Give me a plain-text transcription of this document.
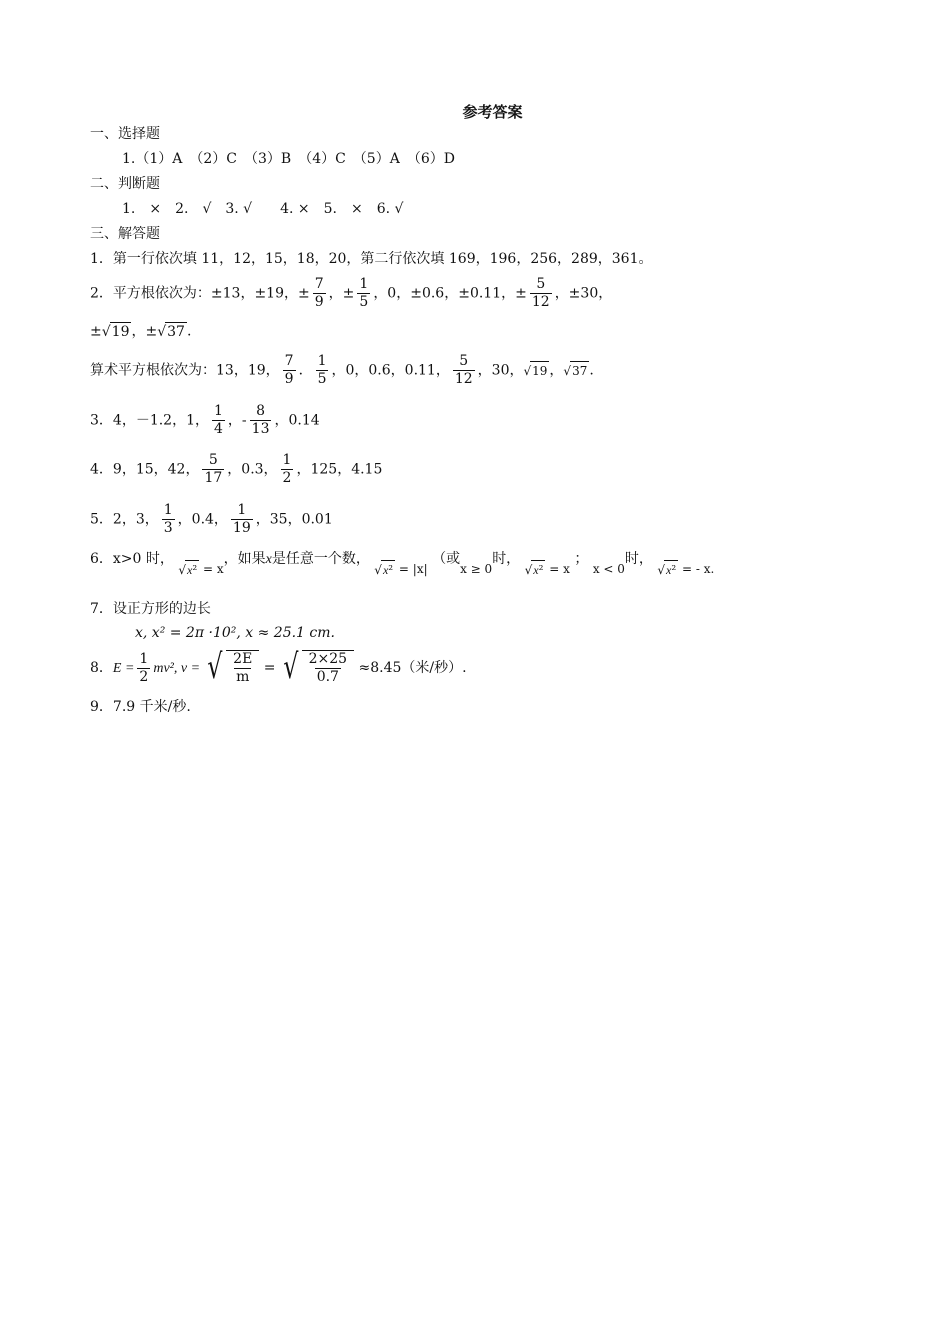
参考答案
一、选择题
1.（1）A　（2）C　（3）B　（4）C　（5）A　（6）D
二、判断题
1.　×　2.　√　3. √　　4. ×　5.　×　6. √
三、解答题
1．第一行依次填 11，12，15，18，20，第二行依次填 169，196，256，289，361。
2．平方根依次为：±13，±19，± $\frac{7}{9}$ ，± $\frac{1}{5}$ ，0，±0.6，±0.11，± $\frac{5}{12}$ ，±30，
±√19 ，±√37 .
算术平方根依次为：13，19， $\frac{7}{9}$ ． $\frac{1}{5}$ ，0，0.6，0.11， $\frac{5}{12}$ ，30，√19 ，√37 .
3．4，－1.2，1， $\frac{1}{4}$ ，- $\frac{8}{13}$ ，0.14
4．9，15，42， $\frac{5}{17}$ ，0.3， $\frac{1}{2}$ ，125，4.15
5．2，3， $\frac{1}{3}$ ，0.4， $\frac{1}{19}$ ，35，0.01
6．x>0 时， √x² = x，如果x是任意一个数， √x² = |x| （或x ≥ 0时， √x² = x ； x < 0时， √x² = - x.
7．设正方形的边长
x, x² = 2π ·10², x ≈ 25.1 cm.
8．$E = \frac{1}{2} mv^2$, v = √ $\frac{2E}{m}$ = √ $\frac{2\times 25}{0.7} \approx 8.45$（米/秒）.
9．7.9 千米/秒.
